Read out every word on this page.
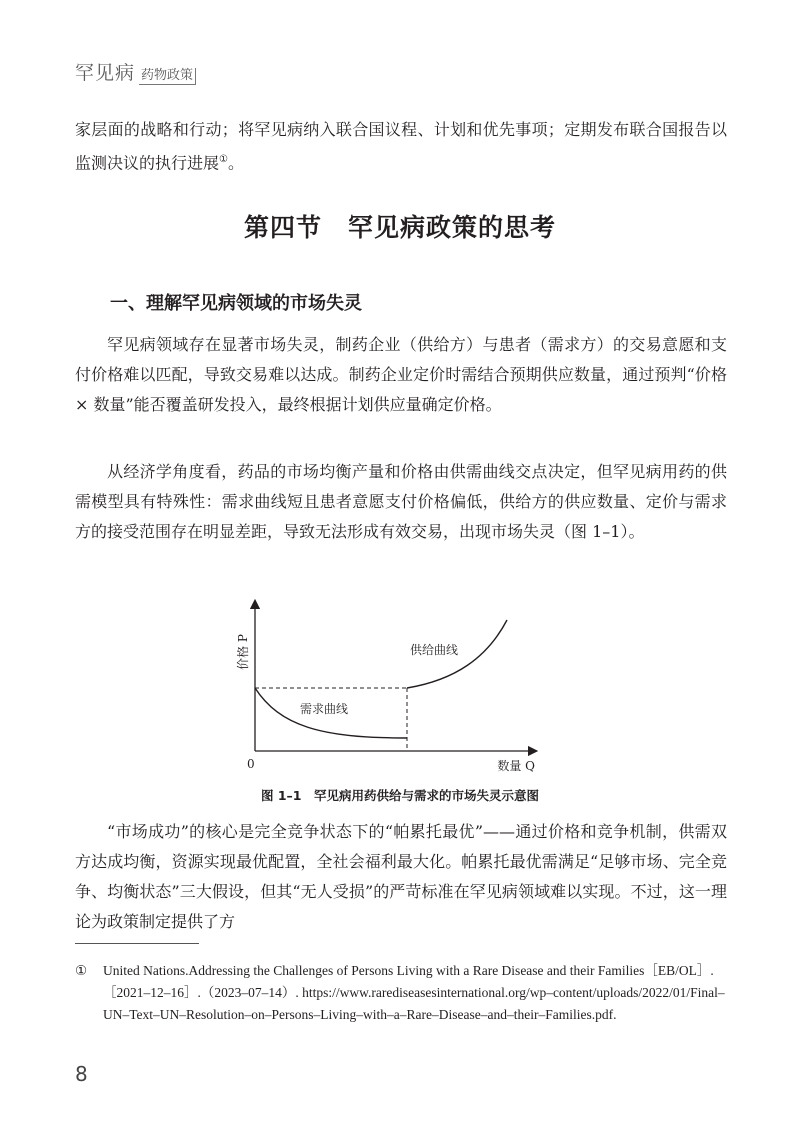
罕见病 药物政策

家层面的战略和行动；将罕见病纳入联合国议程、计划和优先事项；定期发布联合国报告以监测决议的执行进展①。

第四节　罕见病政策的思考
一、理解罕见病领域的市场失灵

罕见病领域存在显著市场失灵，制药企业（供给方）与患者（需求方）的交易意愿和支付价格难以匹配，导致交易难以达成。制药企业定价时需结合预期供应数量，通过预判“价格 × 数量”能否覆盖研发投入，最终根据计划供应量确定价格。

从经济学角度看，药品的市场均衡产量和价格由供需曲线交点决定，但罕见病用药的供需模型具有特殊性：需求曲线短且患者意愿支付价格偏低，供给方的供应数量、定价与需求方的接受范围存在明显差距，导致无法形成有效交易，出现市场失灵（图 1–1）。

价格 P
数量 Q
0
供给曲线
需求曲线
图 1–1　罕见病用药供给与需求的市场失灵示意图

“市场成功”的核心是完全竞争状态下的“帕累托最优”——通过价格和竞争机制，供需双方达成均衡，资源实现最优配置，全社会福利最大化。帕累托最优需满足“足够市场、完全竞争、均衡状态”三大假设，但其“无人受损”的严苛标准在罕见病领域难以实现。不过，这一理论为政策制定提供了方

①	United Nations.Addressing the Challenges of Persons Living with a Rare Disease and their Families［EB/OL］.［2021–12–16］.（2023–07–14）. https://www.rarediseasesinternational.org/wp–content/uploads/2022/01/Final–UN–Text–UN–Resolution–on–Persons–Living–with–a–Rare–Disease–and–their–Families.pdf.
8
